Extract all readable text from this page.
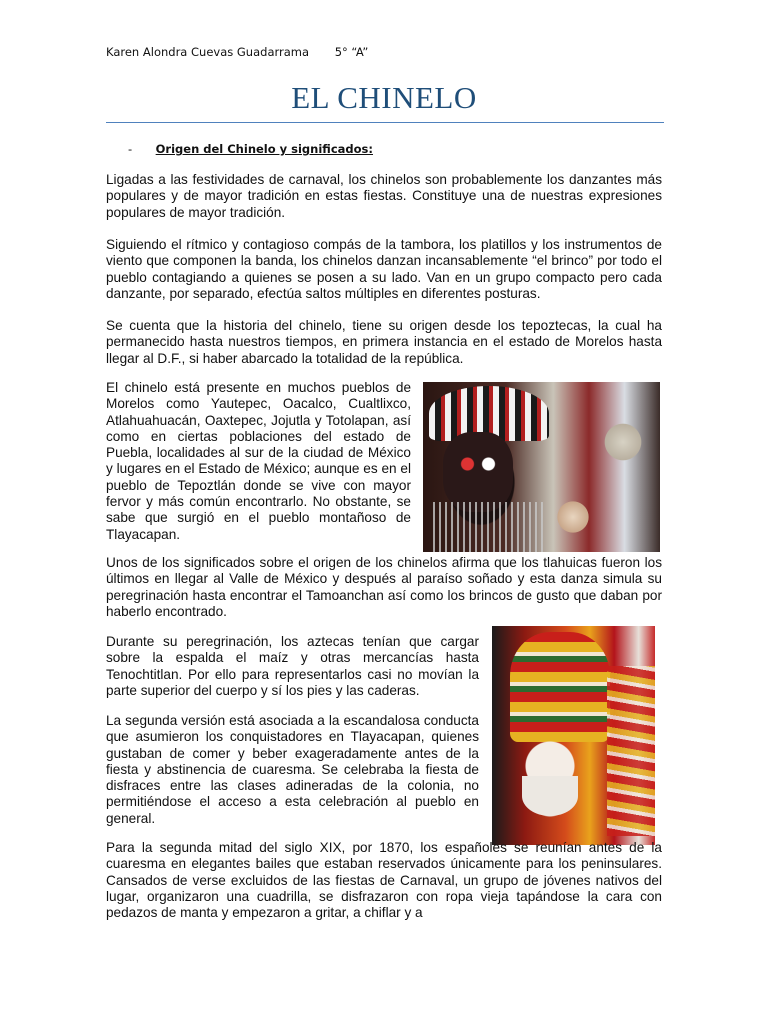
Karen Alondra Cuevas Guadarrama 5° “A”
EL CHINELO
- Origen del Chinelo y significados:

Ligadas a las festividades de carnaval, los chinelos son probablemente los danzantes más populares y de mayor tradición en estas fiestas. Constituye una de nuestras expresiones populares de mayor tradición.

Siguiendo el rítmico y contagioso compás de la tambora, los platillos y los instrumentos de viento que componen la banda, los chinelos danzan incansablemente “el brinco” por todo el pueblo contagiando a quienes se posen a su lado. Van en un grupo compacto pero cada danzante, por separado, efectúa saltos múltiples en diferentes posturas.

Se cuenta que la historia del chinelo, tiene su origen desde los tepoztecas, la cual ha permanecido hasta nuestros tiempos, en primera instancia en el estado de Morelos hasta llegar al D.F., si haber abarcado la totalidad de la república.

El chinelo está presente en muchos pueblos de Morelos como Yautepec, Oacalco, Cualtlixco, Atlahuahuacán, Oaxtepec, Jojutla y Totolapan, así como en ciertas poblaciones del estado de Puebla, localidades al sur de la ciudad de México y lugares en el Estado de México; aunque es en el pueblo de Tepoztlán donde se vive con mayor fervor y más común encontrarlo. No obstante, se sabe que surgió en el pueblo montañoso de Tlayacapan.

Unos de los significados sobre el origen de los chinelos afirma que los tlahuicas fueron los últimos en llegar al Valle de México y después al paraíso soñado y esta danza simula su peregrinación hasta encontrar el Tamoanchan así como los brincos de gusto que daban por haberlo encontrado.

Durante su peregrinación, los aztecas tenían que cargar sobre la espalda el maíz y otras mercancías hasta Tenochtitlan. Por ello para representarlos casi no movían la parte superior del cuerpo y sí los pies y las caderas.

La segunda versión está asociada a la escandalosa conducta que asumieron los conquistadores en Tlayacapan, quienes gustaban de comer y beber exageradamente antes de la fiesta y abstinencia de cuaresma. Se celebraba la fiesta de disfraces entre las clases adineradas de la colonia, no permitiéndose el acceso a esta celebración al pueblo en general.

Para la segunda mitad del siglo XIX, por 1870, los españoles se reunían antes de la cuaresma en elegantes bailes que estaban reservados únicamente para los peninsulares. Cansados de verse excluidos de las fiestas de Carnaval, un grupo de jóvenes nativos del lugar, organizaron una cuadrilla, se disfrazaron con ropa vieja tapándose la cara con pedazos de manta y empezaron a gritar, a chiflar y a
